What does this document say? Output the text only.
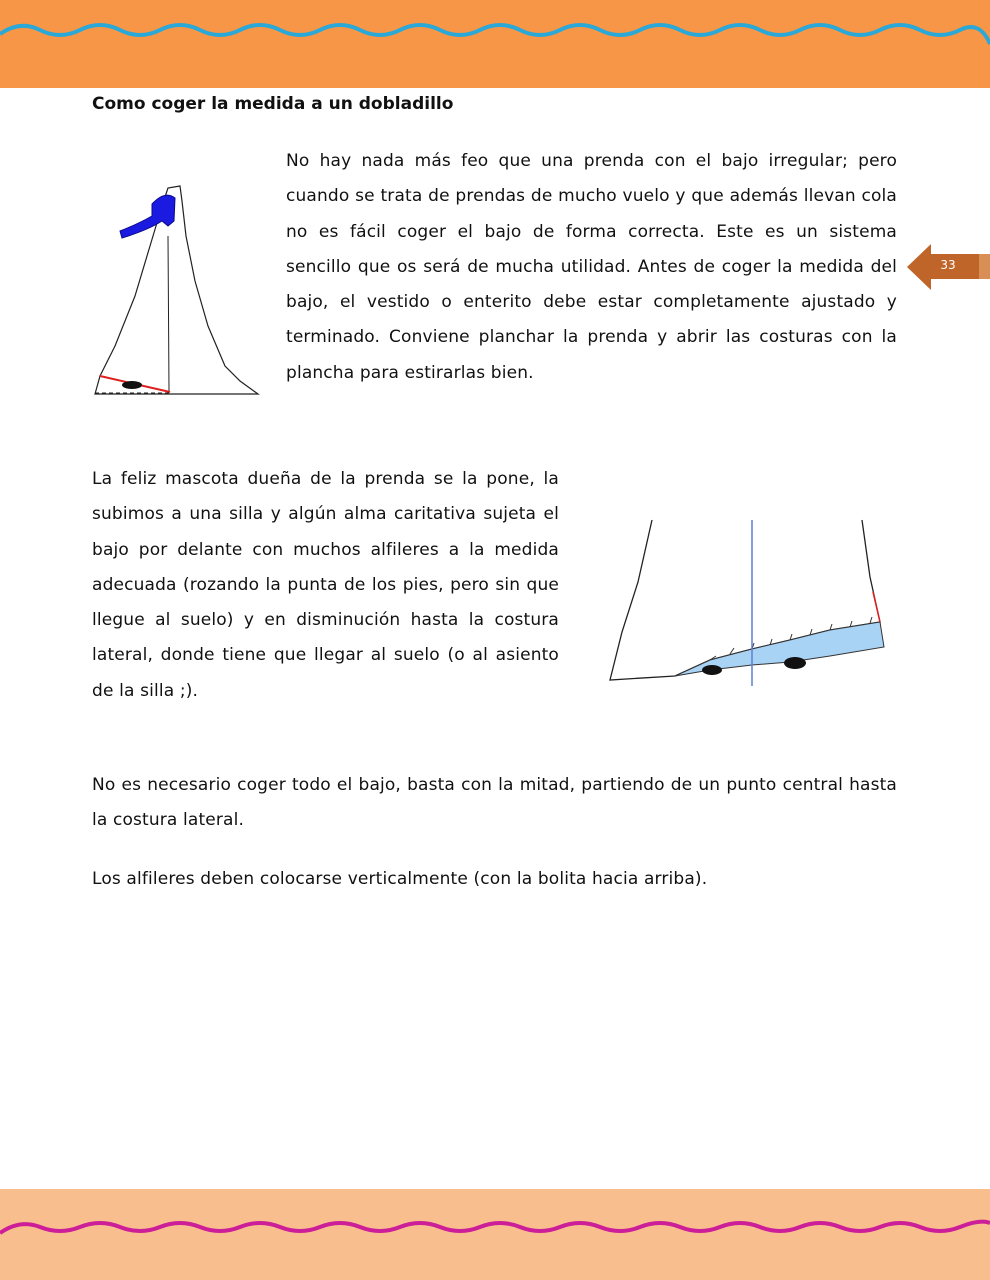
Como coger la medida a un dobladillo

No hay nada más feo que una prenda con el bajo irregular; pero cuando se trata de prendas de mucho vuelo y que además llevan cola no es fácil coger el bajo de forma correcta. Este es un sistema sencillo que os será de mucha utilidad. Antes de coger la medida del bajo, el vestido o enterito debe estar completamente ajustado y terminado. Conviene planchar la prenda y abrir las costuras con la plancha para estirarlas bien.

La feliz mascota dueña de la prenda se la pone, la subimos a una silla y algún alma caritativa sujeta el bajo por delante con muchos alfileres a la medida adecuada (rozando la punta de los pies, pero sin que llegue al suelo) y en disminución hasta la costura lateral, donde tiene que llegar al suelo (o al asiento de la silla ;).

No es necesario coger todo el bajo, basta con la mitad, partiendo de un punto central hasta la costura lateral.

Los alfileres deben colocarse verticalmente (con la bolita hacia arriba).

33
